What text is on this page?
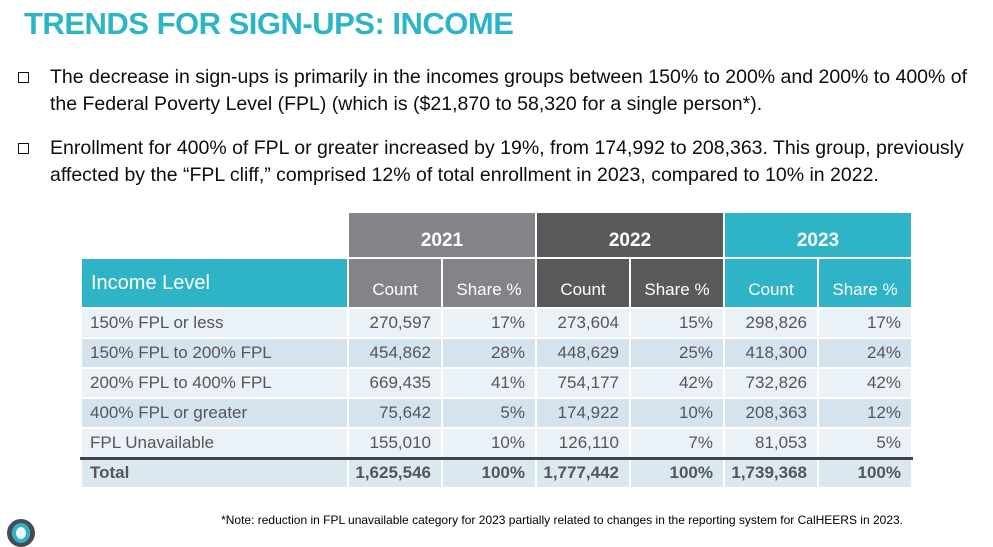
TRENDS FOR SIGN-UPS: INCOME
The decrease in sign-ups is primarily in the incomes groups between 150% to 200% and 200% to 400% of the Federal Poverty Level (FPL) (which is ($21,870 to 58,320 for a single person*).
Enrollment for 400% of FPL or greater increased by 19%, from 174,992 to 208,363. This group, previously affected by the “FPL cliff,” comprised 12% of total enrollment in 2023, compared to 10% in 2022.
	2021		2022		2023	
Income Level	Count	Share %	Count	Share %	Count	Share %
150% FPL or less	270,597	17%	273,604	15%	298,826	17%
150% FPL to 200% FPL	454,862	28%	448,629	25%	418,300	24%
200% FPL to 400% FPL	669,435	41%	754,177	42%	732,826	42%
400% FPL or greater	75,642	5%	174,922	10%	208,363	12%
FPL Unavailable	155,010	10%	126,110	7%	81,053	5%
Total	1,625,546	100%	1,777,442	100%	1,739,368	100%
*Note: reduction in FPL unavailable category for 2023 partially related to changes in the reporting system for CalHEERS in 2023.
